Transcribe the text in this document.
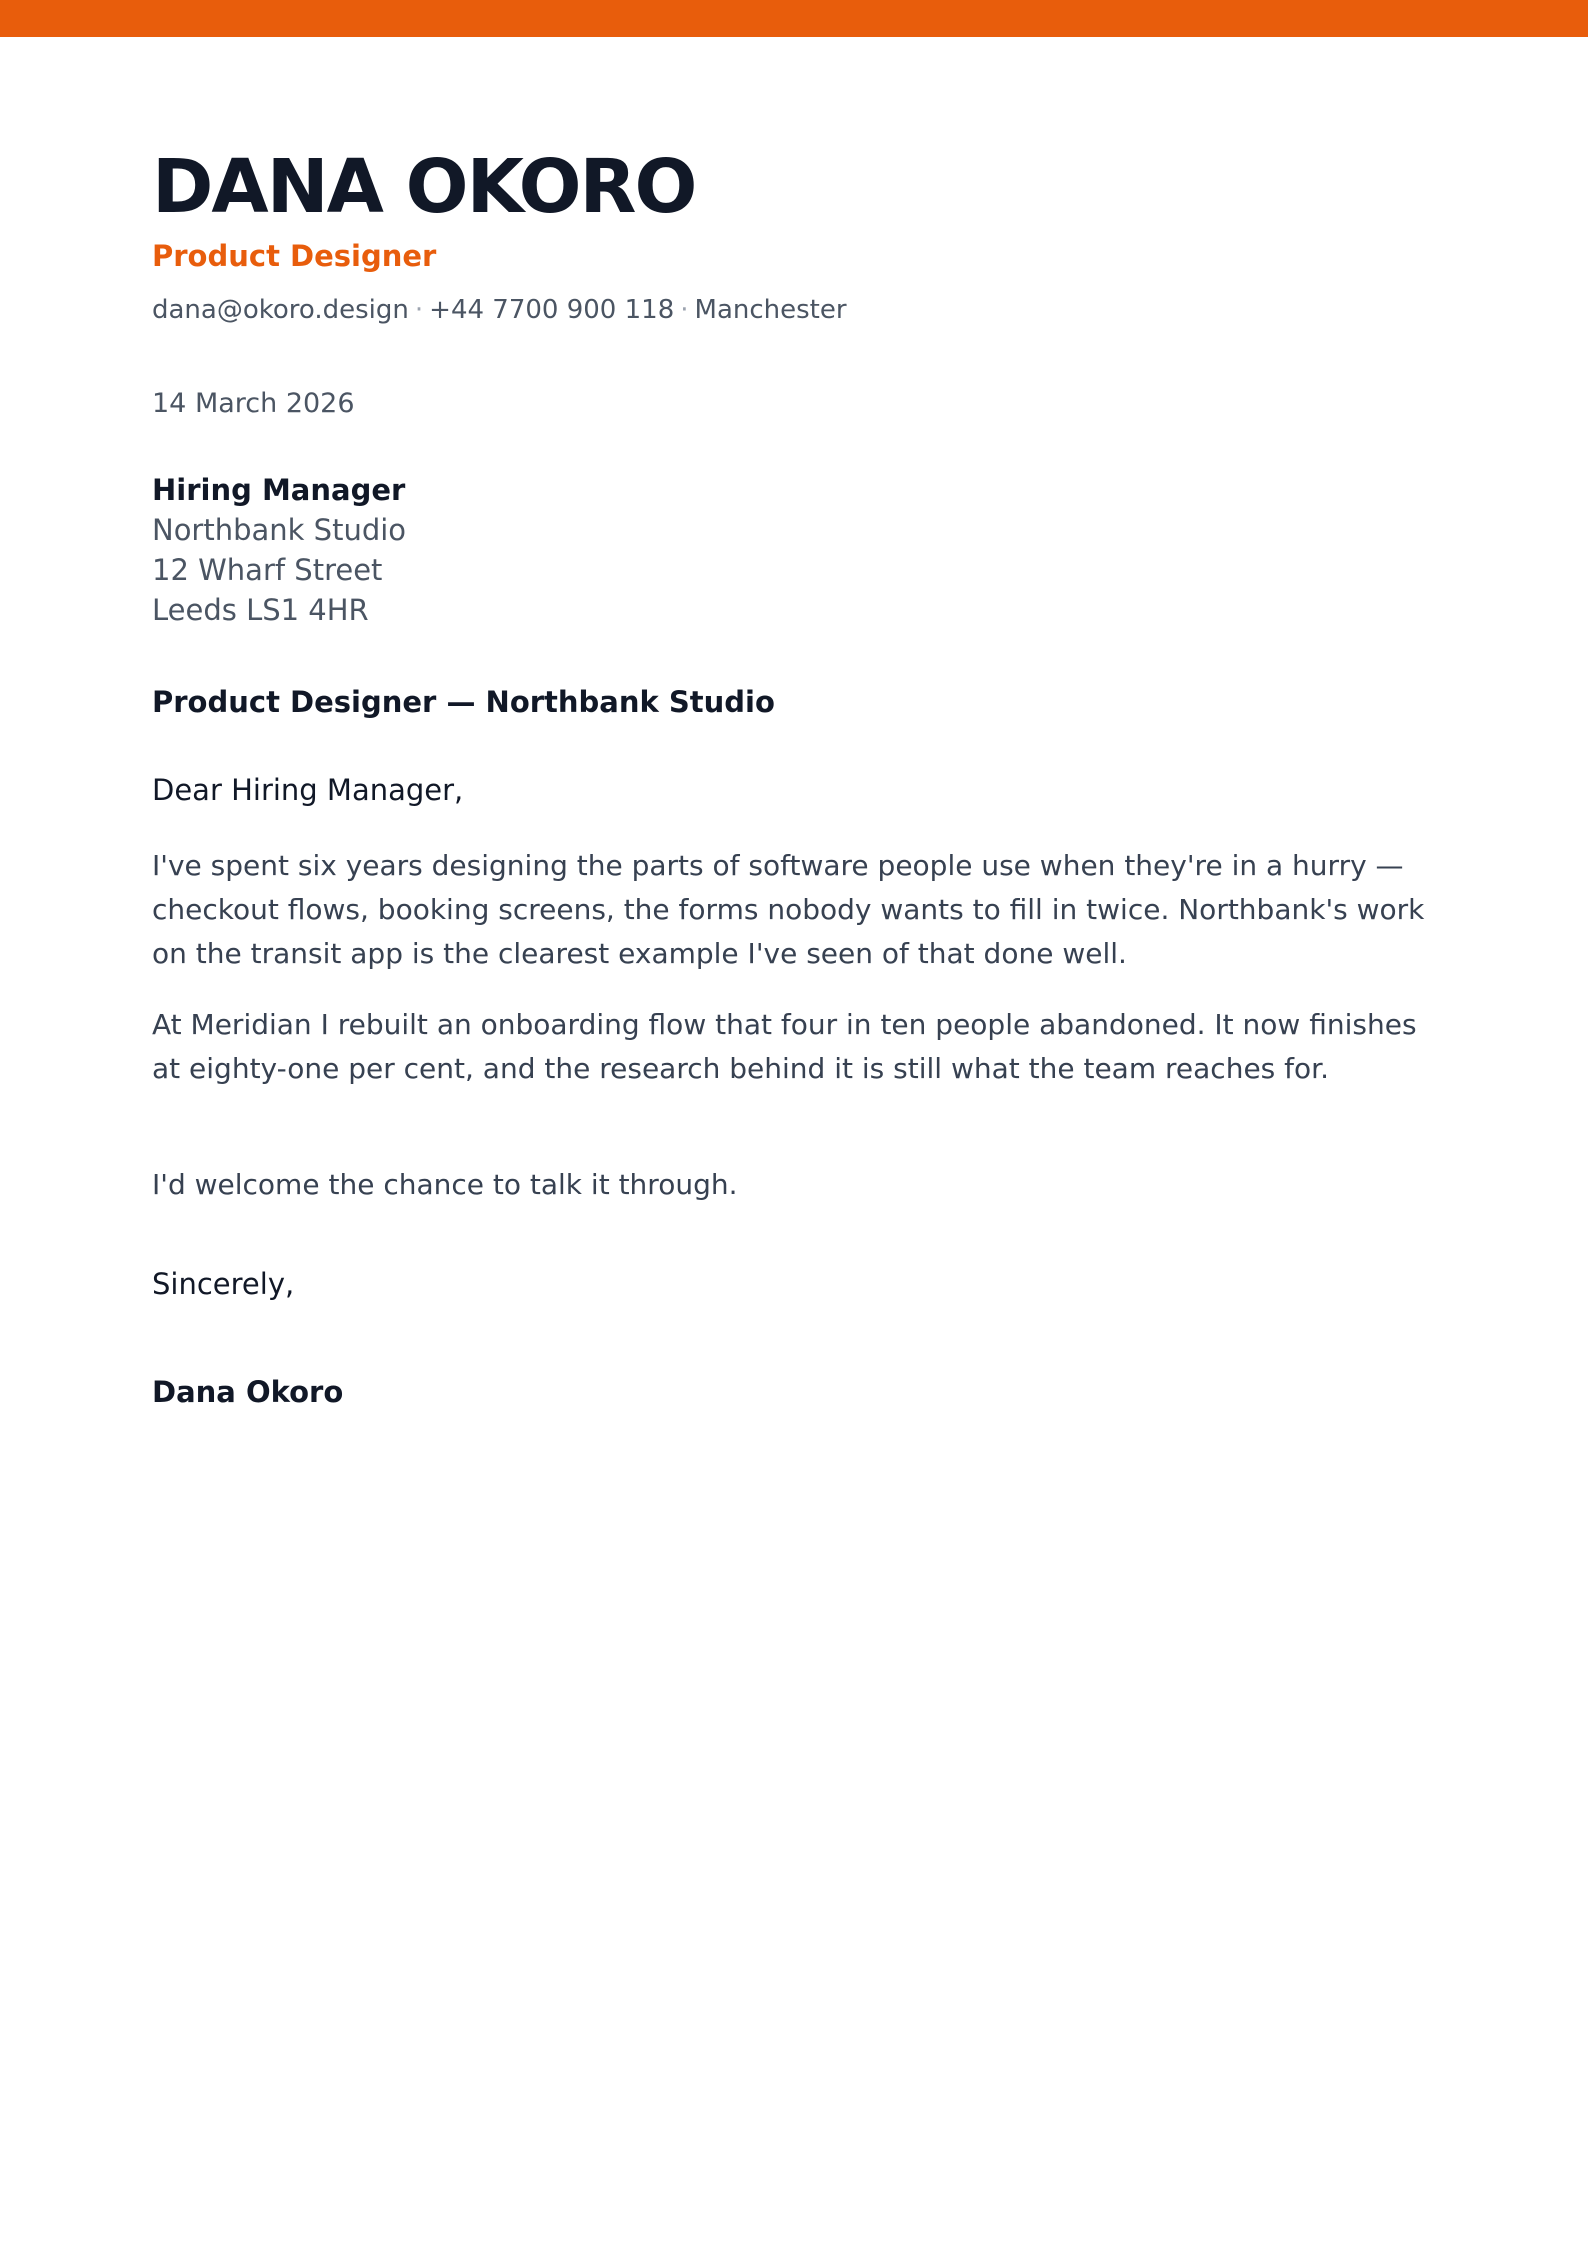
DANA OKORO
Product Designer
dana@okoro.design · +44 7700 900 118 · Manchester
14 March 2026
Hiring Manager
Northbank Studio
12 Wharf Street
Leeds LS1 4HR
Product Designer — Northbank Studio
Dear Hiring Manager,

I've spent six years designing the parts of software people use when they're in a hurry — checkout flows, booking screens, the forms nobody wants to fill in twice. Northbank's work on the transit app is the clearest example I've seen of that done well.

At Meridian I rebuilt an onboarding flow that four in ten people abandoned. It now finishes at eighty-one per cent, and the research behind it is still what the team reaches for.

I'd welcome the chance to talk it through.

Sincerely,
Dana Okoro
